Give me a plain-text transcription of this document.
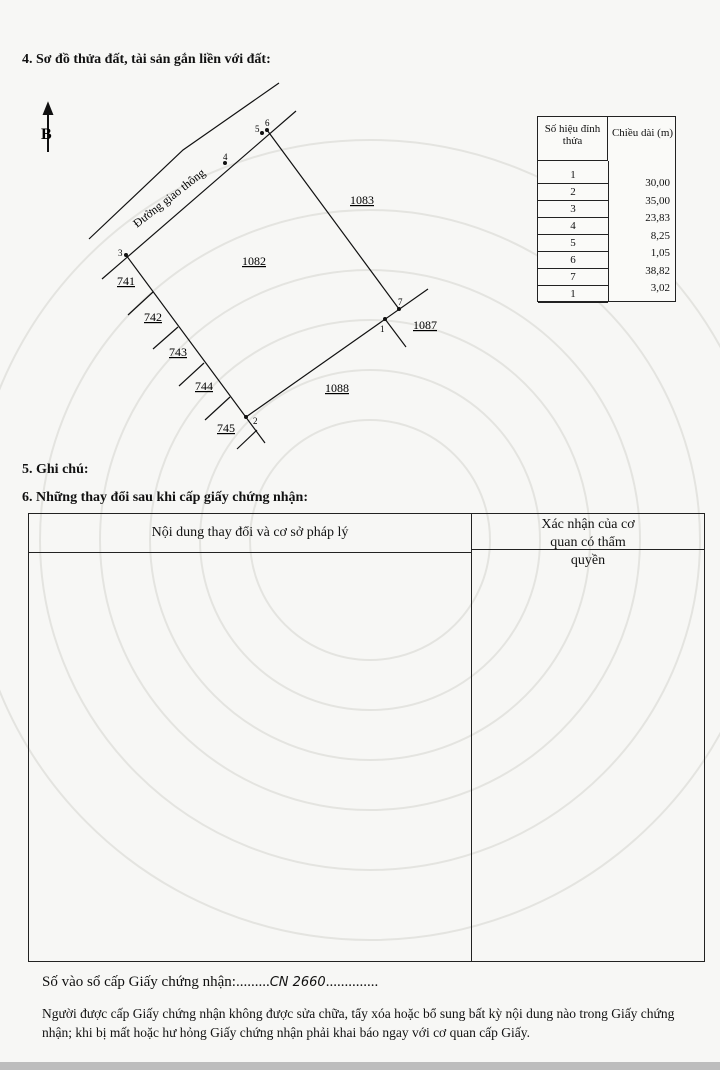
4. Sơ đồ thửa đất, tài sản gắn liền với đất:
B
1
2
3
4
5
6
7
Đường giao thông
1082
1083
1087
1088
741
742
743
744
745
Số hiệu đỉnh thửa
Chiều dài (m)
1
2
3
4
5
6
7
1
30,00
35,00
23,83
8,25
1,05
38,82
3,02
5. Ghi chú:
6. Những thay đổi sau khi cấp giấy chứng nhận:
Nội dung thay đổi và cơ sở pháp lý
Xác nhận của cơ quan có thẩm quyền
Số vào sổ cấp Giấy chứng nhận:.........CN 2660..............
Người được cấp Giấy chứng nhận không được sửa chữa, tẩy xóa hoặc bổ sung bất kỳ nội dung nào trong Giấy chứng nhận; khi bị mất hoặc hư hỏng Giấy chứng nhận phải khai báo ngay với cơ quan cấp Giấy.
